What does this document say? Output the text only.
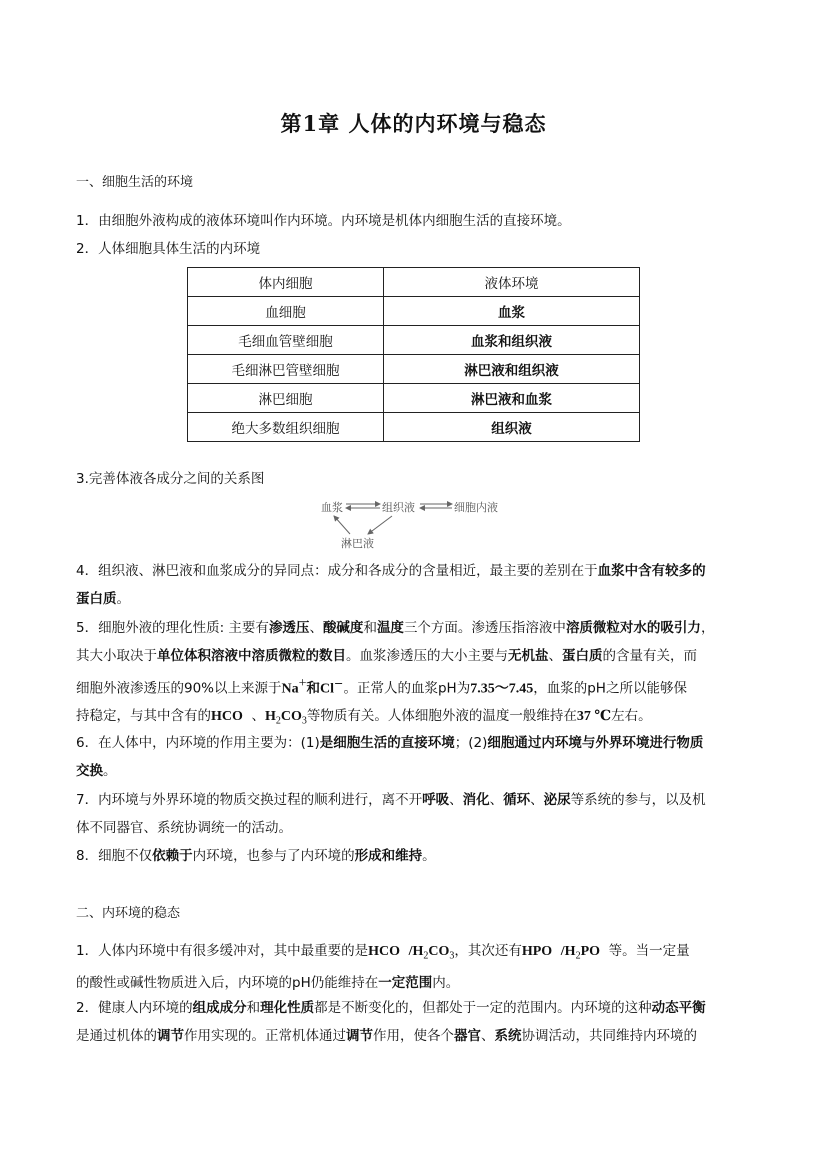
第1章 人体的内环境与稳态
一、细胞生活的环境
1．由细胞外液构成的液体环境叫作内环境。内环境是机体内细胞生活的直接环境。
2．人体细胞具体生活的内环境
体内细胞	液体环境
血细胞	血浆
毛细血管壁细胞	血浆和组织液
毛细淋巴管壁细胞	淋巴液和组织液
淋巴细胞	淋巴液和血浆
绝大多数组织细胞	组织液
3.完善体液各成分之间的关系图
血浆	组织液	细胞内液
淋巴液
4．组织液、淋巴液和血浆成分的异同点：成分和各成分的含量相近，最主要的差别在于血浆中含有较多的
蛋白质。
5．细胞外液的理化性质: 主要有渗透压、酸碱度和温度三个方面。渗透压指溶液中溶质微粒对水的吸引力，
其大小取决于单位体积溶液中溶质微粒的数目。血浆渗透压的大小主要与无机盐、蛋白质的含量有关，而
细胞外液渗透压的90%以上来源于Na+和Cl−。正常人的血浆pH为7.35～7.45，血浆的pH之所以能够保
持稳定，与其中含有的HCO 、$H_2CO_3$等物质有关。人体细胞外液的温度一般维持在37 ℃左右。
6．在人体中，内环境的作用主要为：(1)是细胞生活的直接环境；(2)细胞通过内环境与外界环境进行物质
交换。
7．内环境与外界环境的物质交换过程的顺利进行，离不开呼吸、消化、循环、泌尿等系统的参与，以及机
体不同器官、系统协调统一的活动。
8．细胞不仅依赖于内环境，也参与了内环境的形成和维持。
二、内环境的稳态
1．人体内环境中有很多缓冲对，其中最重要的是HCO $/H_2CO_3$，其次还有HPO $/H_2PO$ 等。当一定量
的酸性或碱性物质进入后，内环境的pH仍能维持在一定范围内。
2．健康人内环境的组成成分和理化性质都是不断变化的，但都处于一定的范围内。内环境的这种动态平衡
是通过机体的调节作用实现的。正常机体通过调节作用，使各个器官、系统协调活动，共同维持内环境的
